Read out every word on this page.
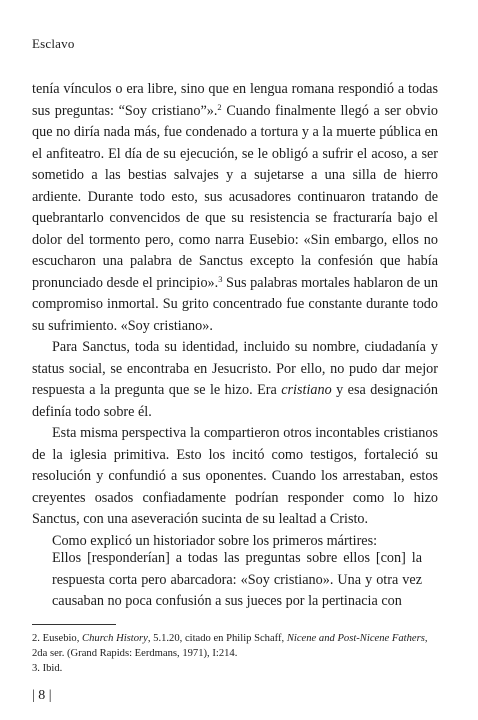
Esclavo

tenía vínculos o era libre, sino que en lengua romana respondió a todas sus preguntas: “Soy cristiano”».$^2$ Cuando finalmente llegó a ser obvio que no diría nada más, fue condenado a tortura y a la muerte pública en el anfiteatro. El día de su ejecución, se le obligó a sufrir el acoso, a ser sometido a las bestias salvajes y a sujetarse a una silla de hierro ardiente. Durante todo esto, sus acusadores continuaron tratando de quebrantarlo convencidos de que su resistencia se fracturaría bajo el dolor del tormento pero, como narra Eusebio: «Sin embargo, ellos no escucharon una palabra de Sanctus excepto la confesión que había pronunciado desde el principio».$^3$ Sus palabras mortales hablaron de un compromiso inmortal. Su grito concentrado fue constante durante todo su sufrimiento. «Soy cristiano».

Para Sanctus, toda su identidad, incluido su nombre, ciudadanía y status social, se encontraba en Jesucristo. Por ello, no pudo dar mejor respuesta a la pregunta que se le hizo. Era cristiano y esa designación definía todo sobre él.

Esta misma perspectiva la compartieron otros incontables cristianos de la iglesia primitiva. Esto los incitó como testigos, fortaleció su resolución y confundió a sus oponentes. Cuando los arrestaban, estos creyentes osados confiadamente podrían responder como lo hizo Sanctus, con una aseveración sucinta de su lealtad a Cristo.

Como explicó un historiador sobre los primeros mártires:

Ellos [responderían] a todas las preguntas sobre ellos [con] la respuesta corta pero abarcadora: «Soy cristiano». Una y otra vez causaban no poca confusión a sus jueces por la pertinacia con

2. Eusebio, Church History, 5.1.20, citado en Philip Schaff, Nicene and Post-Nicene Fathers, 2da ser. (Grand Rapids: Eerdmans, 1971), I:214.

3. Ibid.

| 8 |
